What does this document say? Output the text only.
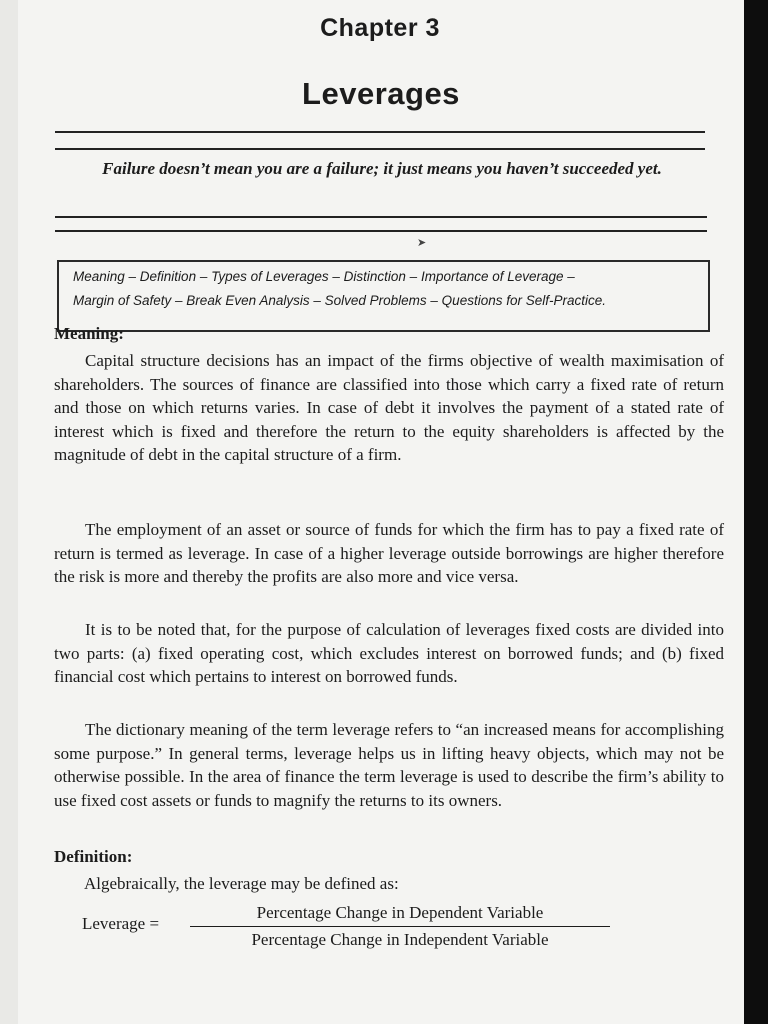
Chapter 3
Leverages
Failure doesn’t mean you are a failure; it just means you haven’t succeeded yet.
➤
Meaning – Definition – Types of Leverages – Distinction – Importance of Leverage –
Margin of Safety – Break Even Analysis – Solved Problems – Questions for Self-Practice.
Meaning:

Capital structure decisions has an impact of the firms objective of wealth maximisation of shareholders. The sources of finance are classified into those which carry a fixed rate of return and those on which returns varies. In case of debt it involves the payment of a stated rate of interest which is fixed and therefore the return to the equity shareholders is affected by the magnitude of debt in the capital structure of a firm.

The employment of an asset or source of funds for which the firm has to pay a fixed rate of return is termed as leverage. In case of a higher leverage outside borrowings are higher therefore the risk is more and thereby the profits are also more and vice versa.

It is to be noted that, for the purpose of calculation of leverages fixed costs are divided into two parts: (a) fixed operating cost, which excludes interest on borrowed funds; and (b) fixed financial cost which pertains to interest on borrowed funds.

The dictionary meaning of the term leverage refers to “an increased means for accomplishing some purpose.” In general terms, leverage helps us in lifting heavy objects, which may not be otherwise possible. In the area of finance the term leverage is used to describe the firm’s ability to use fixed cost assets or funds to magnify the returns to its owners.

Definition:
Algebraically, the leverage may be defined as:
Leverage =
Percentage Change in Dependent Variable
Percentage Change in Independent Variable
